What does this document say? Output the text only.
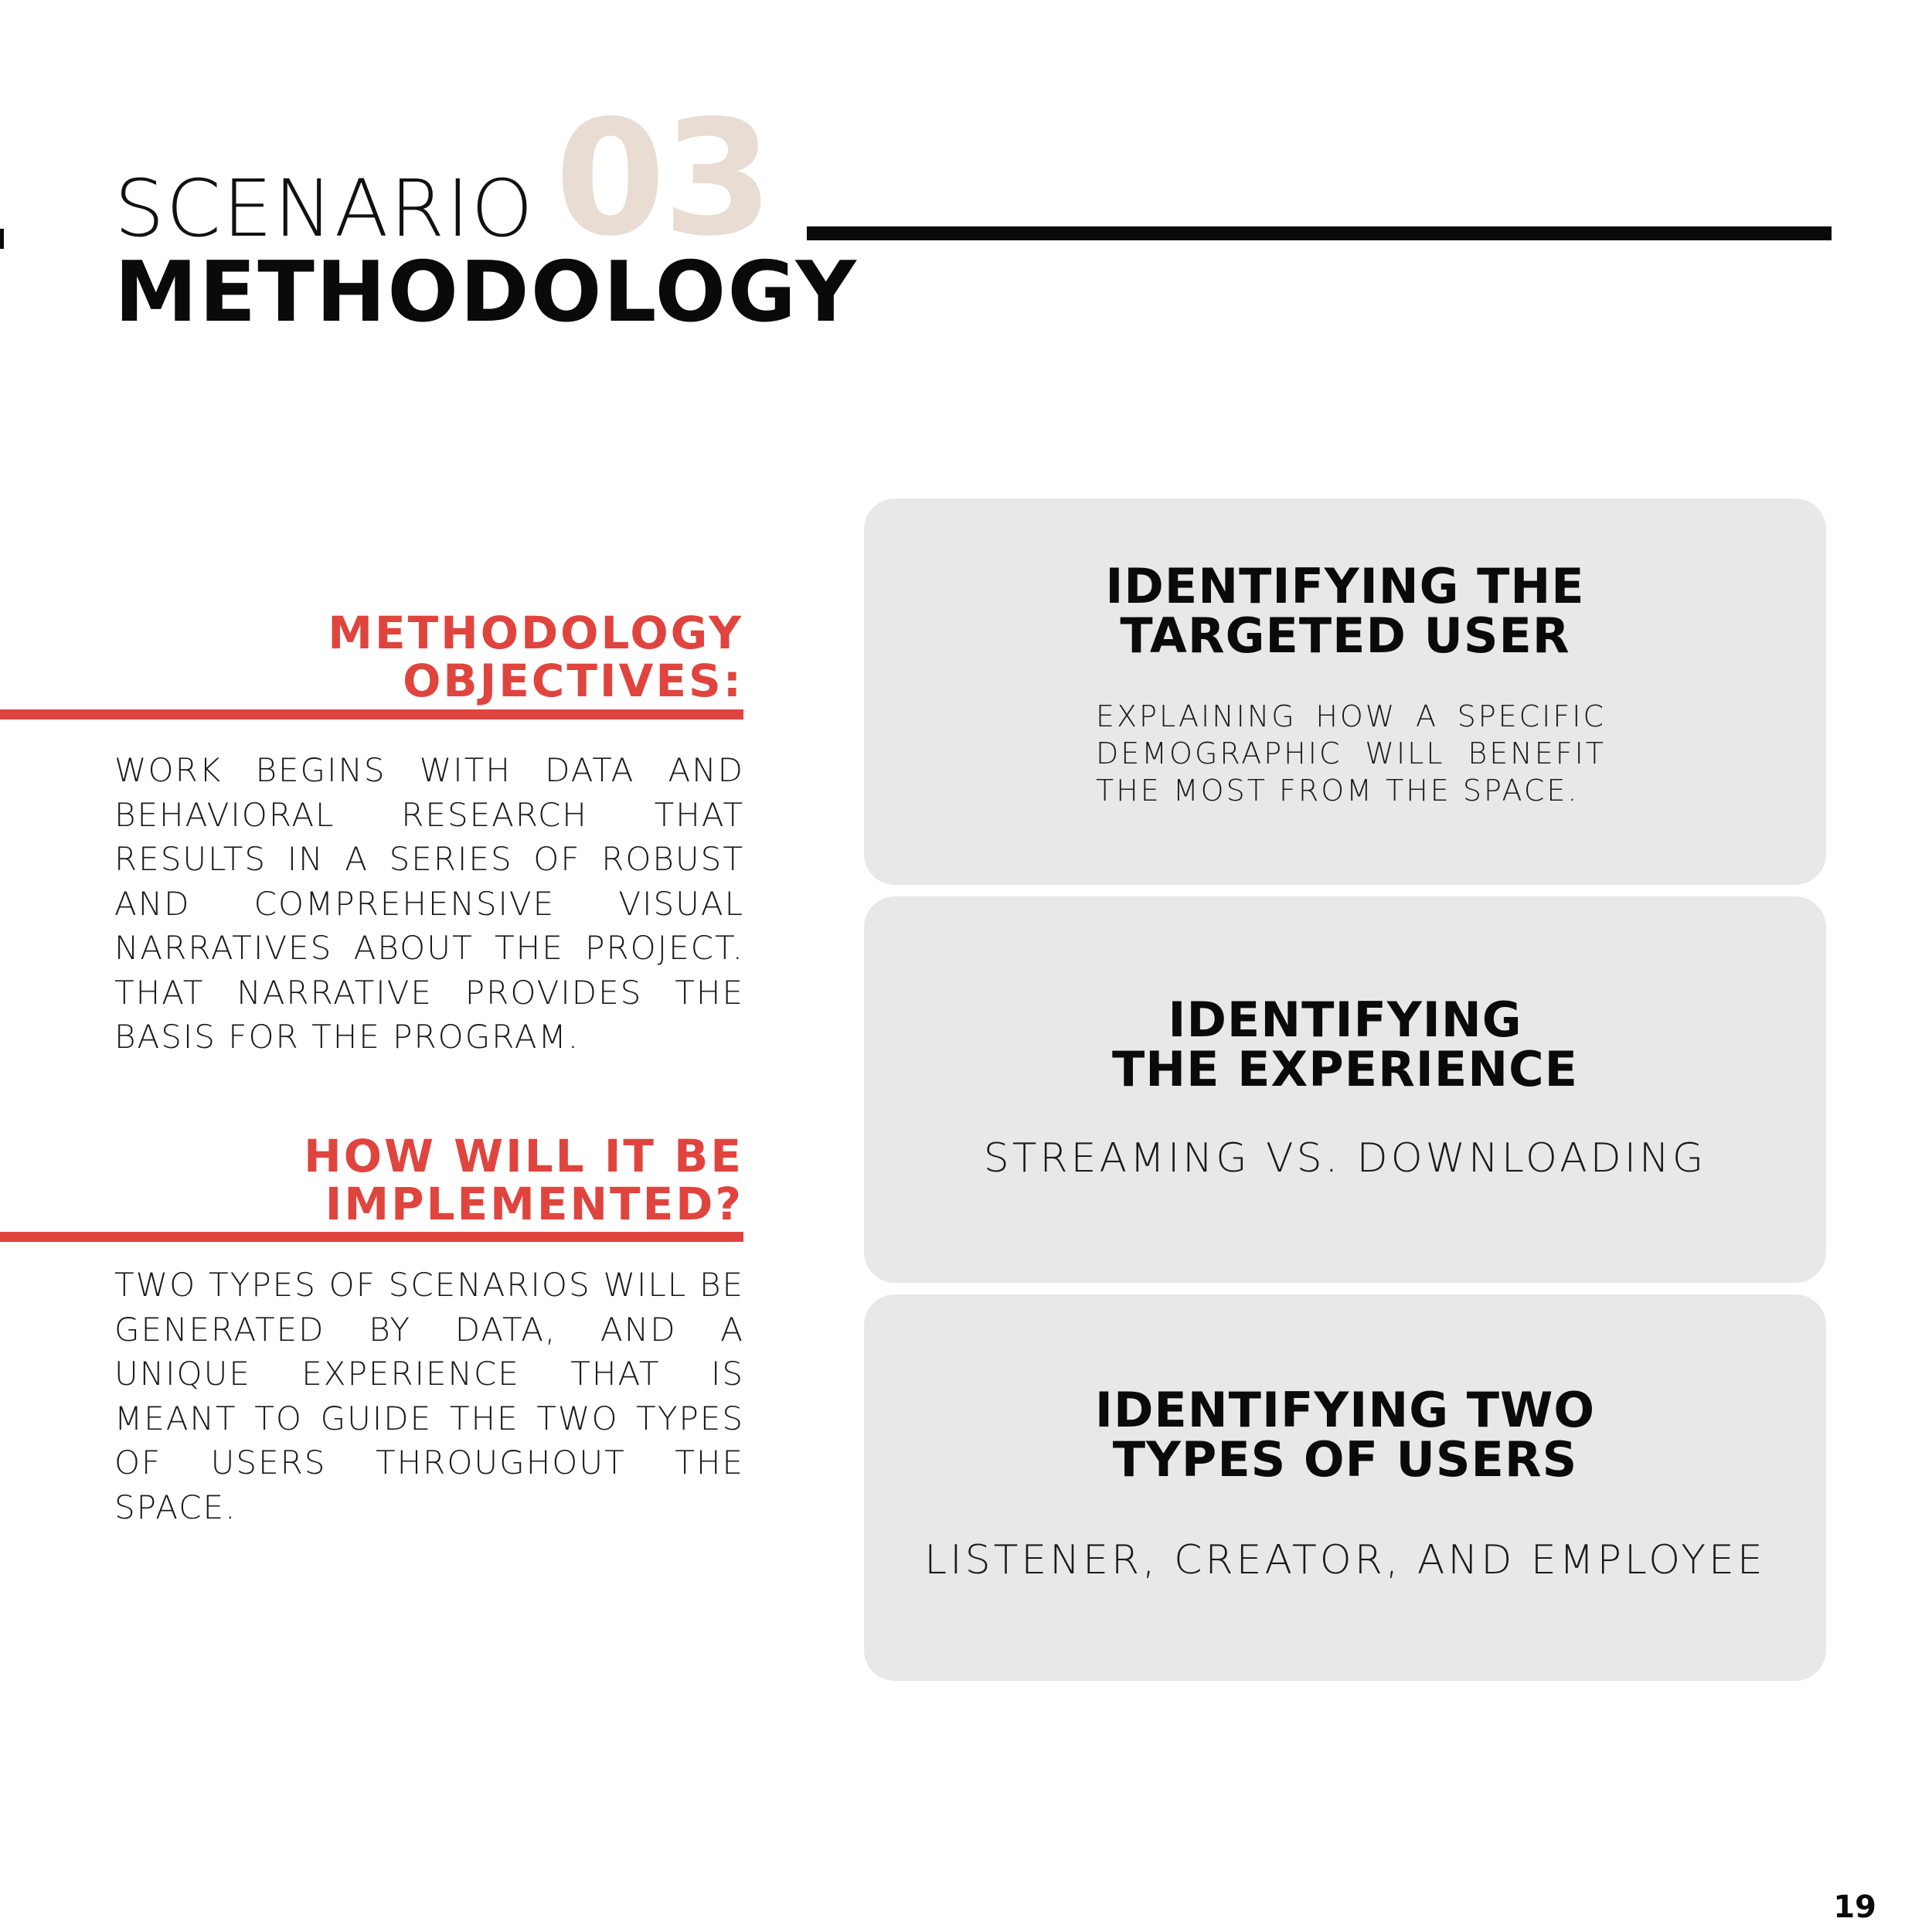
03
SCENARIO
METHODOLOGY
METHODOLOGY OBJECTIVES:
WORK BEGINS WITH DATA AND BEHAVIORAL RESEARCH THAT RESULTS IN A SERIES OF ROBUST AND COMPREHENSIVE VISUAL NARRATIVES ABOUT THE PROJECT. THAT NARRATIVE PROVIDES THE BASIS FOR THE PROGRAM.
HOW WILL IT BE IMPLEMENTED?
TWO TYPES OF SCENARIOS WILL BE GENERATED BY DATA, AND A UNIQUE EXPERIENCE THAT IS MEANT TO GUIDE THE TWO TYPES OF USERS THROUGHOUT THE SPACE.
IDENTIFYING THE
TARGETED USER
EXPLAINING HOW A SPECIFIC DEMOGRAPHIC WILL BENEFIT THE MOST FROM THE SPACE.
IDENTIFYING
THE EXPERIENCE
STREAMING VS. DOWNLOADING
IDENTIFYING TWO
TYPES OF USERS
LISTENER, CREATOR, AND EMPLOYEE
19
